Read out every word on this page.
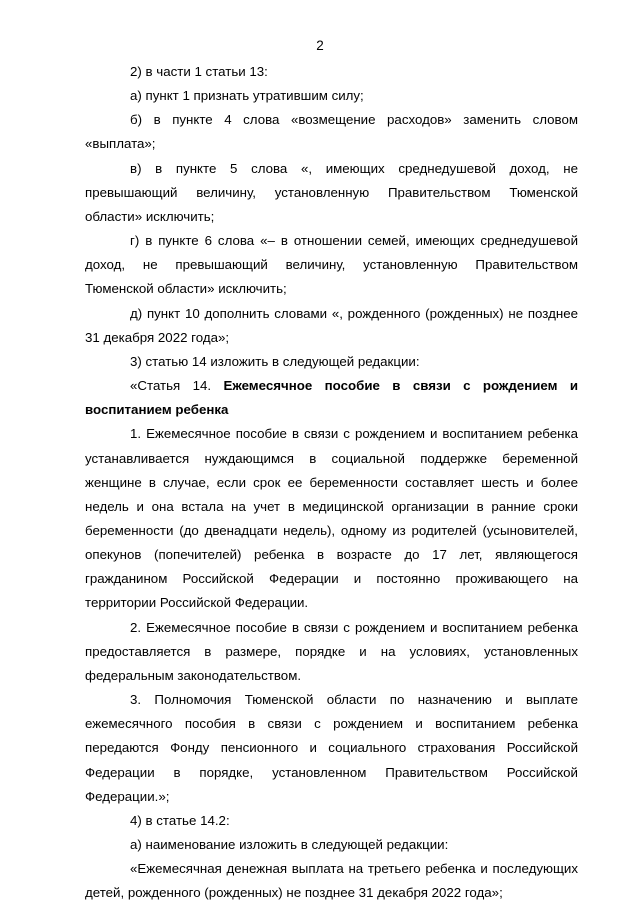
2

2) в части 1 статьи 13:

а) пункт 1 признать утратившим силу;

б) в пункте 4 слова «возмещение расходов» заменить словом «выплата»;

в) в пункте 5 слова «, имеющих среднедушевой доход, не превышающий величину, установленную Правительством Тюменской области» исключить;

г) в пункте 6 слова «– в отношении семей, имеющих среднедушевой доход, не превышающий величину, установленную Правительством Тюменской области» исключить;

д) пункт 10 дополнить словами «, рожденного (рожденных) не позднее 31 декабря 2022 года»;

3) статью 14 изложить в следующей редакции:

«Статья 14. Ежемесячное пособие в связи с рождением и воспитанием ребенка

1. Ежемесячное пособие в связи с рождением и воспитанием ребенка устанавливается нуждающимся в социальной поддержке беременной женщине в случае, если срок ее беременности составляет шесть и более недель и она встала на учет в медицинской организации в ранние сроки беременности (до двенадцати недель), одному из родителей (усыновителей, опекунов (попечителей) ребенка в возрасте до 17 лет, являющегося гражданином Российской Федерации и постоянно проживающего на территории Российской Федерации.

2. Ежемесячное пособие в связи с рождением и воспитанием ребенка предоставляется в размере, порядке и на условиях, установленных федеральным законодательством.

3. Полномочия Тюменской области по назначению и выплате ежемесячного пособия в связи с рождением и воспитанием ребенка передаются Фонду пенсионного и социального страхования Российской Федерации в порядке, установленном Правительством Российской Федерации.»;

4) в статье 14.2:

а) наименование изложить в следующей редакции:

«Ежемесячная денежная выплата на третьего ребенка и последующих детей, рожденного (рожденных) не позднее 31 декабря 2022 года»;
